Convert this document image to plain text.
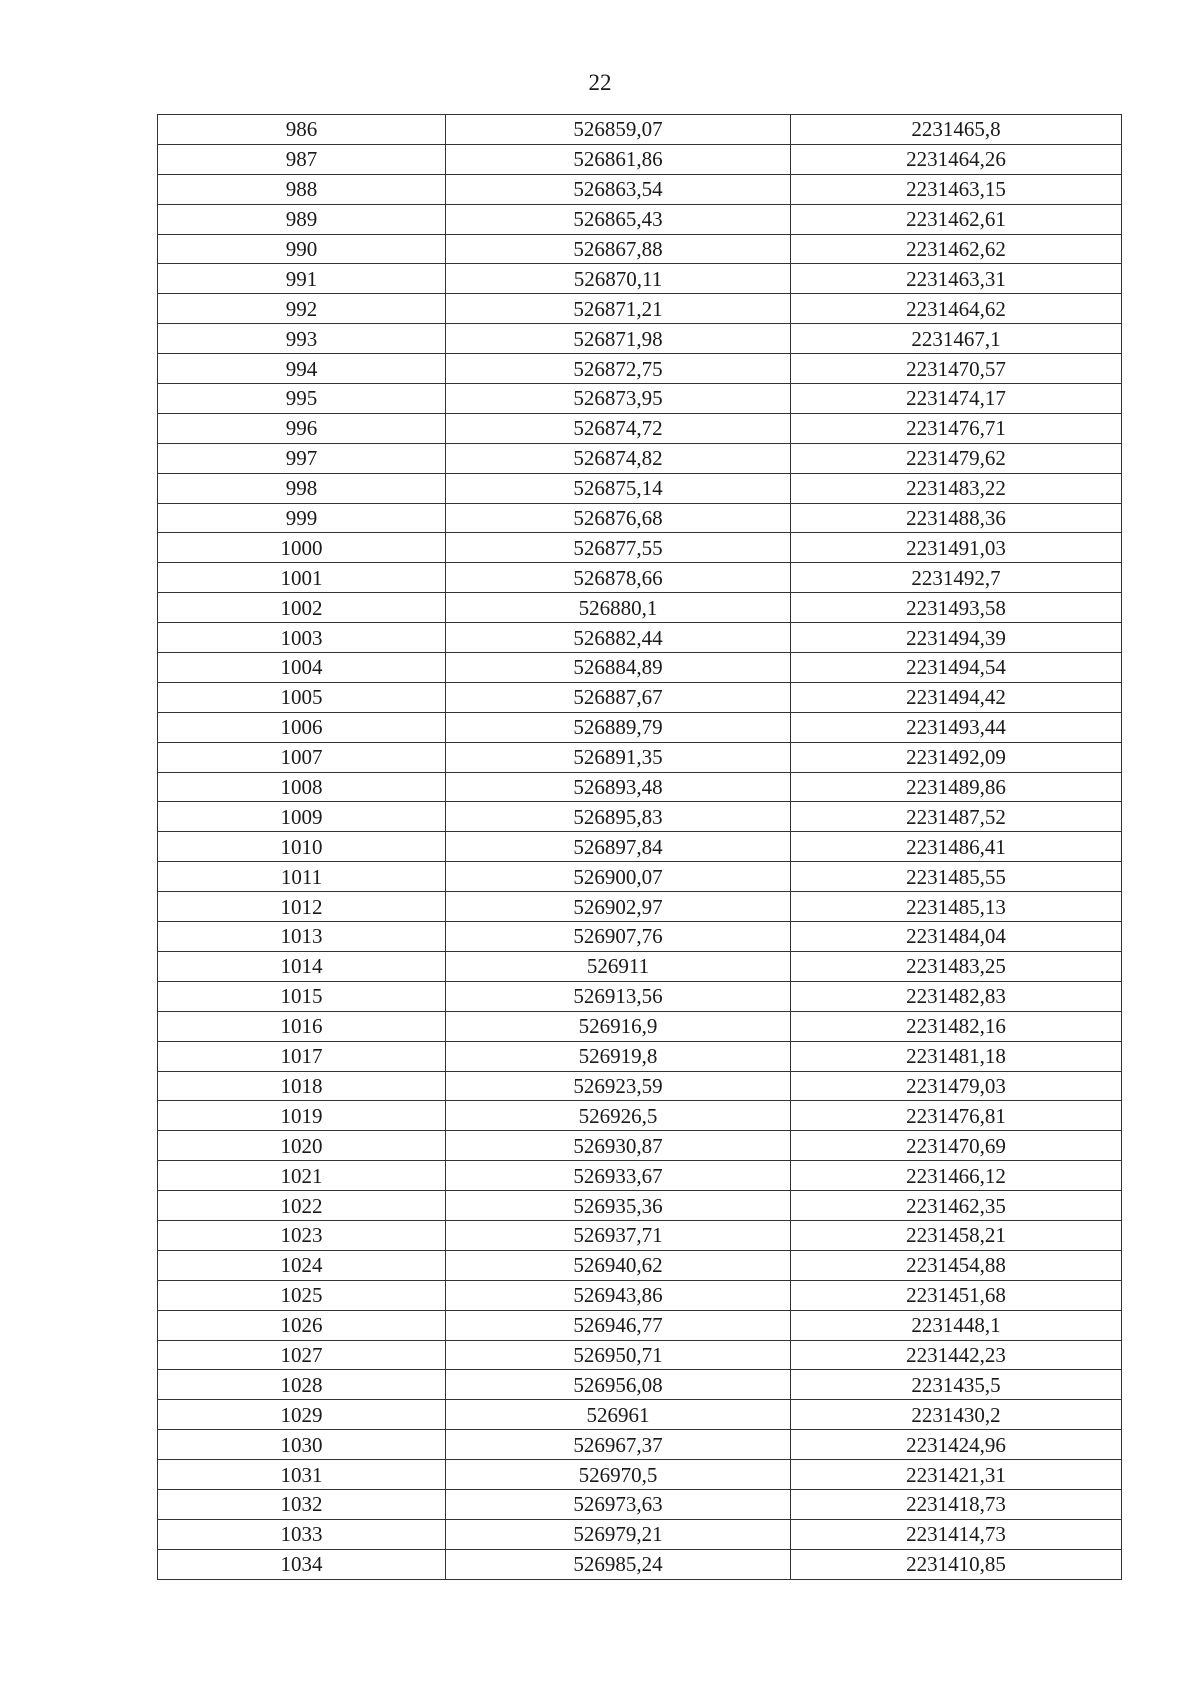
22
986	526859,07	2231465,8
987	526861,86	2231464,26
988	526863,54	2231463,15
989	526865,43	2231462,61
990	526867,88	2231462,62
991	526870,11	2231463,31
992	526871,21	2231464,62
993	526871,98	2231467,1
994	526872,75	2231470,57
995	526873,95	2231474,17
996	526874,72	2231476,71
997	526874,82	2231479,62
998	526875,14	2231483,22
999	526876,68	2231488,36
1000	526877,55	2231491,03
1001	526878,66	2231492,7
1002	526880,1	2231493,58
1003	526882,44	2231494,39
1004	526884,89	2231494,54
1005	526887,67	2231494,42
1006	526889,79	2231493,44
1007	526891,35	2231492,09
1008	526893,48	2231489,86
1009	526895,83	2231487,52
1010	526897,84	2231486,41
1011	526900,07	2231485,55
1012	526902,97	2231485,13
1013	526907,76	2231484,04
1014	526911	2231483,25
1015	526913,56	2231482,83
1016	526916,9	2231482,16
1017	526919,8	2231481,18
1018	526923,59	2231479,03
1019	526926,5	2231476,81
1020	526930,87	2231470,69
1021	526933,67	2231466,12
1022	526935,36	2231462,35
1023	526937,71	2231458,21
1024	526940,62	2231454,88
1025	526943,86	2231451,68
1026	526946,77	2231448,1
1027	526950,71	2231442,23
1028	526956,08	2231435,5
1029	526961	2231430,2
1030	526967,37	2231424,96
1031	526970,5	2231421,31
1032	526973,63	2231418,73
1033	526979,21	2231414,73
1034	526985,24	2231410,85
